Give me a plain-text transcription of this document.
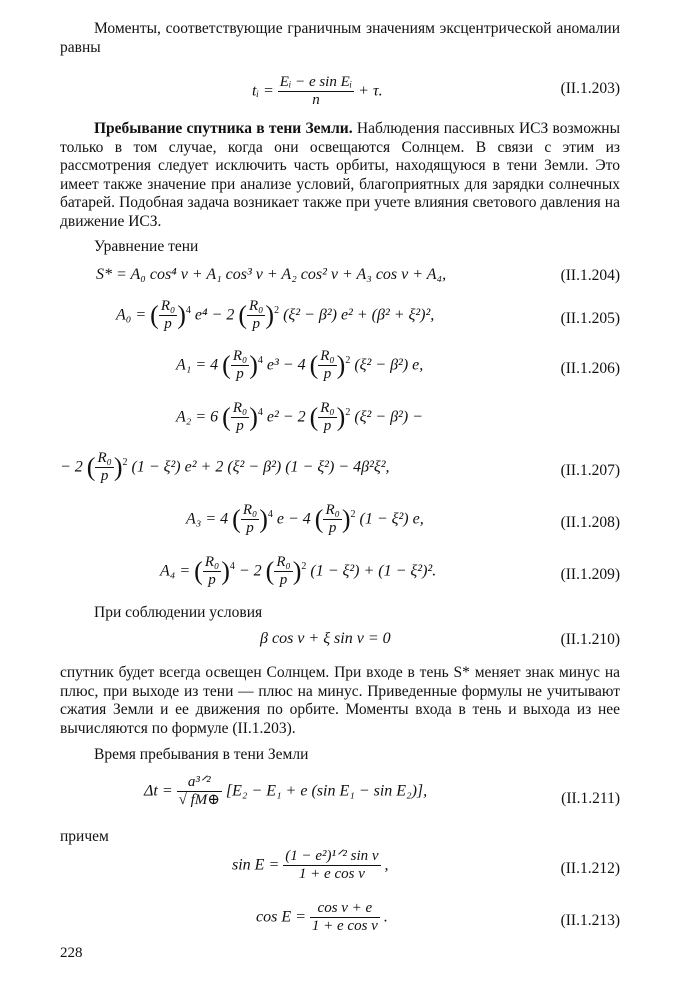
Моменты, соответствующие граничным значениям эксцентрической аномалии равны

tᵢ = $\frac{\text{Eᵢ − e sin Eᵢ}}{n} + \tau$.	(II.1.203)

Пребывание спутника в тени Земли. Наблюдения пассивных ИСЗ возможны только в том случае, когда они освещаются Солнцем. В связи с этим из рассмотрения следует исключить часть орбиты, находящуюся в тени Земли. Это имеет также значение при анализе условий, благоприятных для зарядки солнечных батарей. Подобная задача возникает также при учете влияния светового давления на движение ИСЗ.

Уравнение тени
S* = A₀ cos⁴ v + A₁ cos³ v + A₂ cos² v + A₃ cos v + A₄,	(II.1.204)
A₀ = ( $\frac{\text{R₀}}{p} )^4$ e⁴ − 2 ( $\frac{\text{R₀}}{p} )^2$ (ξ² − β²) e² + (β² + ξ²)²,	(II.1.205)
A₁ = 4 ( $\frac{\text{R₀}}{p} )^4$ e³ − 4 ( $\frac{\text{R₀}}{p} )^2$ (ξ² − β²) e,	(II.1.206)
A₂ = 6 ( $\frac{\text{R₀}}{p} )^4$ e² − 2 ( $\frac{\text{R₀}}{p} )^2$ (ξ² − β²) −
− 2 ( $\frac{\text{R₀}}{p} )^2$ (1 − ξ²) e² + 2 (ξ² − β²) (1 − ξ²) − 4β²ξ²,	(II.1.207)
A₃ = 4 ( $\frac{\text{R₀}}{p} )^4$ e − 4 ( $\frac{\text{R₀}}{p} )^2$ (1 − ξ²) e,	(II.1.208)
A₄ = ( $\frac{\text{R₀}}{p} )^4 - 2$ ( $\frac{\text{R₀}}{p} )^2$ (1 − ξ²) + (1 − ξ²)².	(II.1.209)
При соблюдении условия
β cos v + ξ sin v = 0	(II.1.210)

спутник будет всегда освещен Солнцем. При входе в тень S* меняет знак минус на плюс, при выходе из тени — плюс на минус. Приведенные формулы не учитывают сжатия Земли и ее движения по орбите. Моменты входа в тень и выхода из нее вычисляются по формуле (II.1.203).

Время пребывания в тени Земли
$\Delta t = \frac{\text{a³ᐟ²}}{√ fM\oplus} [E_2 - E_1 + e$ (sin E₁ − sin E₂)],	(II.1.211)
причем
$\sin E = \frac{\text{(1 − e²)¹ᐟ² sin v}}{\text{1 + e cos v}}$ ,	(II.1.212)
$\cos E = \frac{\text{cos v + e}}{\text{1 + e cos v}}$ .	(II.1.213)
228
